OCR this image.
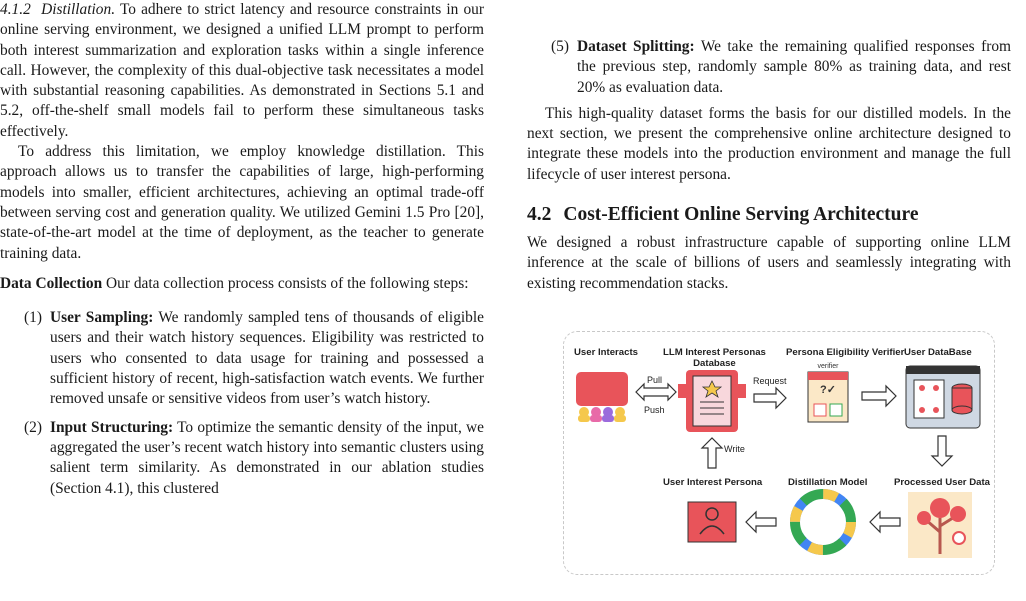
4.1.2 Distillation. To adhere to strict latency and resource constraints in our online serving environment, we designed a unified LLM prompt to perform both interest summarization and exploration tasks within a single inference call. However, the complexity of this dual-objective task necessitates a model with substantial reasoning capabilities. As demonstrated in Sections 5.1 and 5.2, off-the-shelf small models fail to perform these simultaneous tasks effectively.

To address this limitation, we employ knowledge distillation. This approach allows us to transfer the capabilities of large, high-performing models into smaller, efficient architectures, achieving an optimal trade-off between serving cost and generation quality. We utilized Gemini 1.5 Pro [20], state-of-the-art model at the time of deployment, as the teacher to generate training data.

Data Collection Our data collection process consists of the following steps:

(1) User Sampling: We randomly sampled tens of thousands of eligible users and their watch history sequences. Eligibility was restricted to users who consented to data usage for training and possessed a sufficient history of recent, high-satisfaction watch events. We further removed unsafe or sensitive videos from user’s watch history.
(2) Input Structuring: To optimize the semantic density of the input, we aggregated the user’s recent watch history into semantic clusters using salient term similarity. As demonstrated in our ablation studies (Section 4.1), this clustered
(5) Dataset Splitting: We take the remaining qualified responses from the previous step, randomly sample 80% as training data, and rest 20% as evaluation data.

This high-quality dataset forms the basis for our distilled models. In the next section, we present the comprehensive online architecture designed to integrate these models into the production environment and manage the full lifecycle of user interest persona.

4.2 Cost-Efficient Online Serving Architecture

We designed a robust infrastructure capable of supporting online LLM inference at the scale of billions of users and seamlessly integrating with existing recommendation stacks.

User Interacts	LLM Interest Personas
Database
Persona Eligibility Verifier User DataBase
Pull
Push
Request
Write
User Interest Persona	Distillation Model	Processed User Data
?✓
verifier
